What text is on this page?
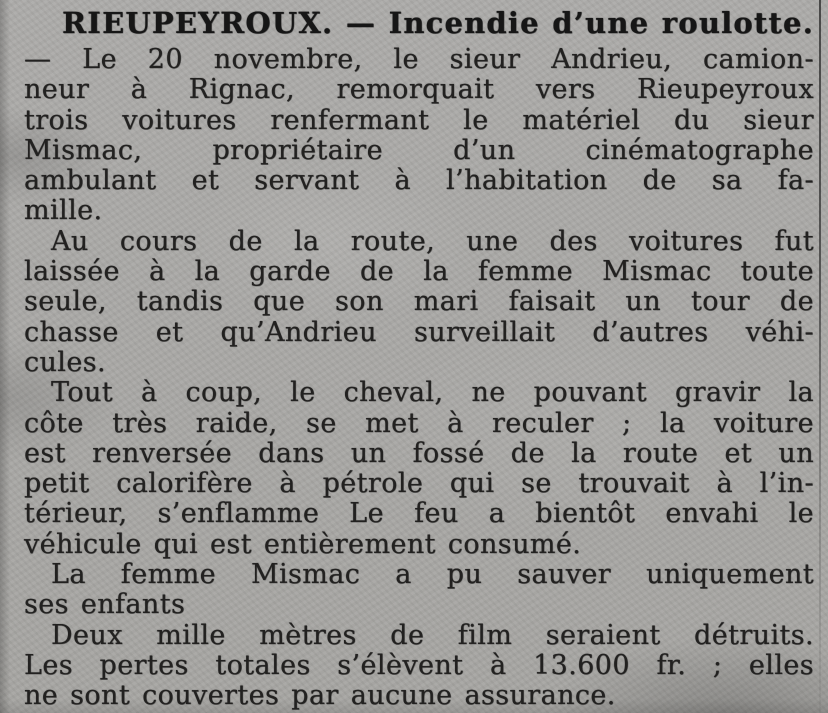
RIEUPEYROUX. — Incendie d’une roulotte.
— Le 20 novembre, le sieur Andrieu, camion-
neur à Rignac, remorquait vers Rieupeyroux
trois voitures renfermant le matériel du sieur
Mismac, propriétaire d’un cinématographe
ambulant et servant à l’habitation de sa fa-
mille.
Au cours de la route, une des voitures fut
laissée à la garde de la femme Mismac toute
seule, tandis que son mari faisait un tour de
chasse et qu’Andrieu surveillait d’autres véhi-
cules.
Tout à coup, le cheval, ne pouvant gravir la
côte très raide, se met à reculer ; la voiture
est renversée dans un fossé de la route et un
petit calorifère à pétrole qui se trouvait à l’in-
térieur, s’enflamme Le feu a bientôt envahi le
véhicule qui est entièrement consumé.
La femme Mismac a pu sauver uniquement
ses enfants
Deux mille mètres de film seraient détruits.
Les pertes totales s’élèvent à 13.600 fr. ; elles
ne sont couvertes par aucune assurance.
